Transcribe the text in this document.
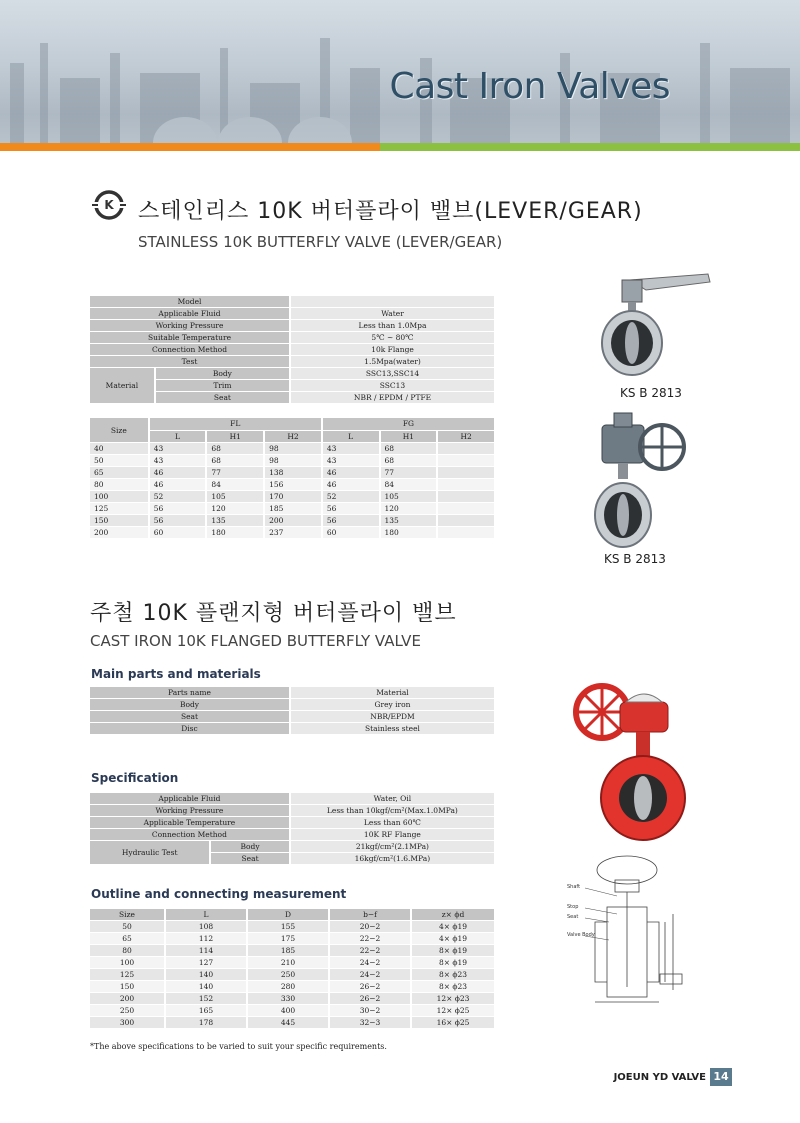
Cast Iron Valves
K 스테인리스 10K 버터플라이 밸브(LEVER/GEAR)
STAINLESS 10K BUTTERFLY VALVE (LEVER/GEAR)
Model		
Applicable Fluid		Water
Working Pressure		Less than 1.0Mpa
Suitable Temperature		5℃ ~ 80℃
Connection Method		10k Flange
Test		1.5Mpa(water)
Material	Body	SSC13,SSC14
	Trim	SSC13
	Seat	NBR / EPDM / PTFE
Size	FL			FG		
	L	H1	H2	L	H1	H2
40	43	68	98	43	68	
50	43	68	98	43	68	
65	46	77	138	46	77	
80	46	84	156	46	84	
100	52	105	170	52	105	
125	56	120	185	56	120	
150	56	135	200	56	135	
200	60	180	237	60	180	
KS B 2813
KS B 2813
주철 10K 플랜지형 버터플라이 밸브
CAST IRON 10K FLANGED BUTTERFLY VALVE
Main parts and materials
Parts name	Material
Body	Grey iron
Seat	NBR/EPDM
Disc	Stainless steel
Specification
Applicable Fluid		Water, Oil
Working Pressure		Less than 10kgf/cm²(Max.1.0MPa)
Applicable Temperature		Less than 60℃
Connection Method		10K RF Flange
Hydraulic Test	Body	21kgf/cm²(2.1MPa)
	Seat	16kgf/cm²(1.6.MPa)
Outline and connecting measurement
Size	L	D	b−f	z× ϕd
50	108	155	20−2	4× ϕ19
65	112	175	22−2	4× ϕ19
80	114	185	22−2	8× ϕ19
100	127	210	24−2	8× ϕ19
125	140	250	24−2	8× ϕ23
150	140	280	26−2	8× ϕ23
200	152	330	26−2	12× ϕ23
250	165	400	30−2	12× ϕ25
300	178	445	32−3	16× ϕ25
Shaft
Stop
Seat
Valve Body
*The above specifications to be varied to suit your specific requirements.
JOEUN YD VALVE 14
